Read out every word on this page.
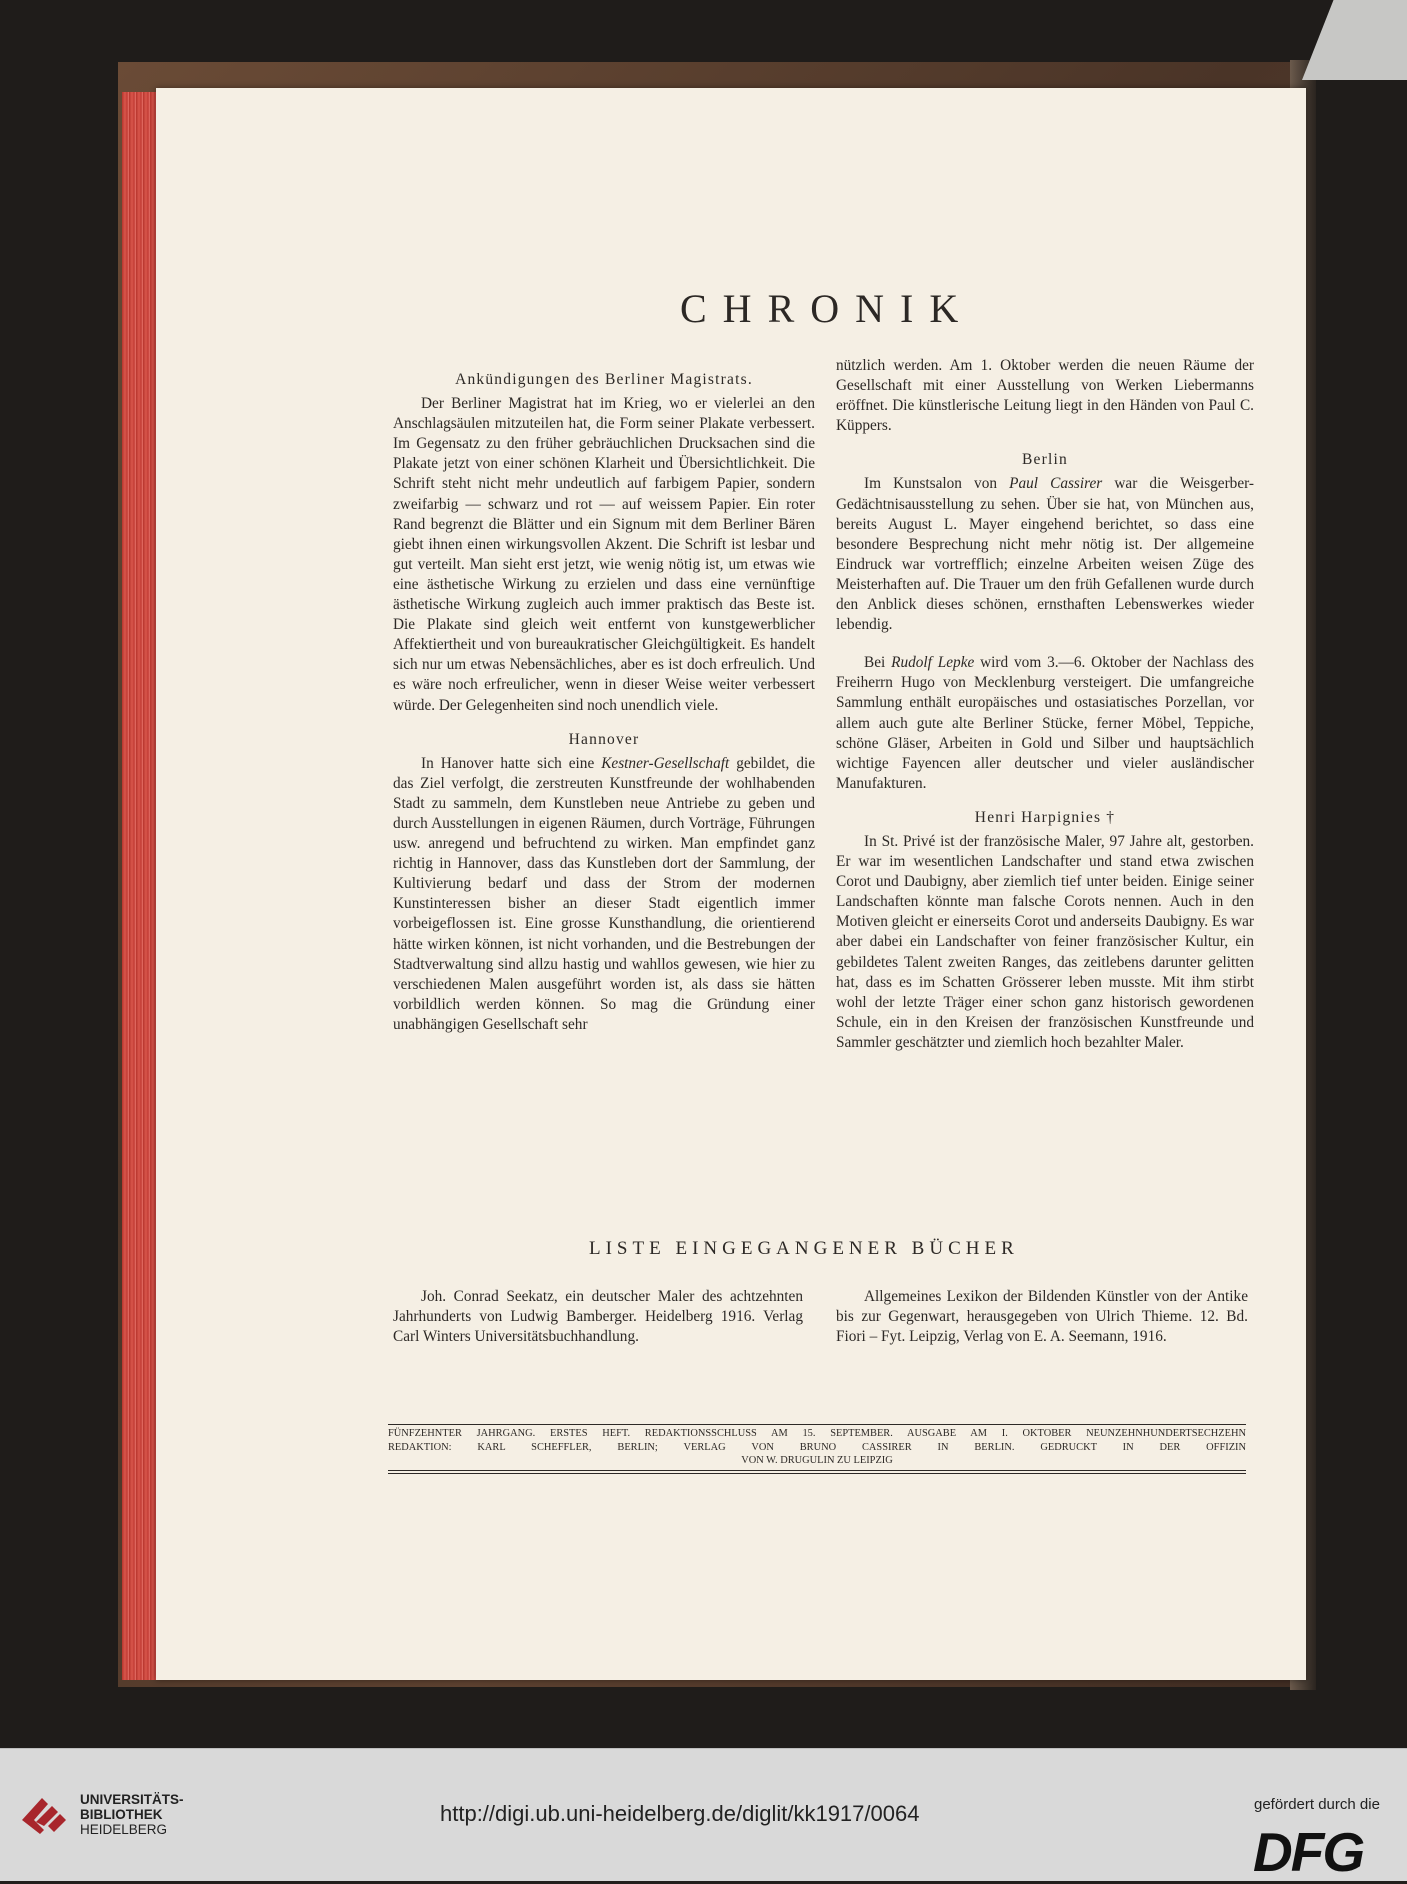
CHRONIK

Ankündigungen des Berliner Magistrats.

Der Berliner Magistrat hat im Krieg, wo er vielerlei an den Anschlagsäulen mitzuteilen hat, die Form seiner Plakate verbessert. Im Gegensatz zu den früher gebräuchlichen Drucksachen sind die Plakate jetzt von einer schönen Klarheit und Übersichtlichkeit. Die Schrift steht nicht mehr undeutlich auf farbigem Papier, sondern zweifarbig — schwarz und rot — auf weissem Papier. Ein roter Rand begrenzt die Blätter und ein Signum mit dem Berliner Bären giebt ihnen einen wirkungsvollen Akzent. Die Schrift ist lesbar und gut verteilt. Man sieht erst jetzt, wie wenig nötig ist, um etwas wie eine ästhetische Wirkung zu erzielen und dass eine vernünftige ästhetische Wirkung zugleich auch immer praktisch das Beste ist. Die Plakate sind gleich weit entfernt von kunstgewerblicher Affektiertheit und von bureaukratischer Gleichgültigkeit. Es handelt sich nur um etwas Nebensächliches, aber es ist doch erfreulich. Und es wäre noch erfreulicher, wenn in dieser Weise weiter verbessert würde. Der Gelegenheiten sind noch unendlich viele.

Hannover

In Hanover hatte sich eine Kestner-Gesellschaft gebildet, die das Ziel verfolgt, die zerstreuten Kunstfreunde der wohlhabenden Stadt zu sammeln, dem Kunstleben neue Antriebe zu geben und durch Ausstellungen in eigenen Räumen, durch Vorträge, Führungen usw. anregend und befruchtend zu wirken. Man empfindet ganz richtig in Hannover, dass das Kunstleben dort der Sammlung, der Kultivierung bedarf und dass der Strom der modernen Kunstinteressen bisher an dieser Stadt eigentlich immer vorbeigeflossen ist. Eine grosse Kunsthandlung, die orientierend hätte wirken können, ist nicht vorhanden, und die Bestrebungen der Stadtverwaltung sind allzu hastig und wahllos gewesen, wie hier zu verschiedenen Malen ausgeführt worden ist, als dass sie hätten vorbildlich werden können. So mag die Gründung einer unabhängigen Gesellschaft sehr

nützlich werden. Am 1. Oktober werden die neuen Räume der Gesellschaft mit einer Ausstellung von Werken Liebermanns eröffnet. Die künstlerische Leitung liegt in den Händen von Paul C. Küppers.

Berlin

Im Kunstsalon von Paul Cassirer war die Weisgerber-Gedächtnisausstellung zu sehen. Über sie hat, von München aus, bereits August L. Mayer eingehend berichtet, so dass eine besondere Besprechung nicht mehr nötig ist. Der allgemeine Eindruck war vortrefflich; einzelne Arbeiten weisen Züge des Meisterhaften auf. Die Trauer um den früh Gefallenen wurde durch den Anblick dieses schönen, ernsthaften Lebenswerkes wieder lebendig.

Bei Rudolf Lepke wird vom 3.—6. Oktober der Nachlass des Freiherrn Hugo von Mecklenburg versteigert. Die umfangreiche Sammlung enthält europäisches und ostasiatisches Porzellan, vor allem auch gute alte Berliner Stücke, ferner Möbel, Teppiche, schöne Gläser, Arbeiten in Gold und Silber und hauptsächlich wichtige Fayencen aller deutscher und vieler ausländischer Manufakturen.

Henri Harpignies †

In St. Privé ist der französische Maler, 97 Jahre alt, gestorben. Er war im wesentlichen Landschafter und stand etwa zwischen Corot und Daubigny, aber ziemlich tief unter beiden. Einige seiner Landschaften könnte man falsche Corots nennen. Auch in den Motiven gleicht er einerseits Corot und anderseits Daubigny. Es war aber dabei ein Landschafter von feiner französischer Kultur, ein gebildetes Talent zweiten Ranges, das zeitlebens darunter gelitten hat, dass es im Schatten Grösserer leben musste. Mit ihm stirbt wohl der letzte Träger einer schon ganz historisch gewordenen Schule, ein in den Kreisen der französischen Kunstfreunde und Sammler geschätzter und ziemlich hoch bezahlter Maler.

LISTE EINGEGANGENER BÜCHER

Joh. Conrad Seekatz, ein deutscher Maler des achtzehnten Jahrhunderts von Ludwig Bamberger. Heidelberg 1916. Verlag Carl Winters Universitätsbuchhandlung.

Allgemeines Lexikon der Bildenden Künstler von der Antike bis zur Gegenwart, herausgegeben von Ulrich Thieme. 12. Bd. Fiori – Fyt. Leipzig, Verlag von E. A. Seemann, 1916.

FÜNFZEHNTER JAHRGANG. ERSTES HEFT. REDAKTIONSSCHLUSS AM 15. SEPTEMBER. AUSGABE AM I. OKTOBER NEUNZEHNHUNDERTSECHZEHN
REDAKTION: KARL SCHEFFLER, BERLIN; VERLAG VON BRUNO CASSIRER IN BERLIN. GEDRUCKT IN DER OFFIZIN
VON W. DRUGULIN ZU LEIPZIG
UNIVERSITÄTS-
BIBLIOTHEK
HEIDELBERG
http://digi.ub.uni-heidelberg.de/diglit/kk1917/0064	gefördert durch die
DFG
